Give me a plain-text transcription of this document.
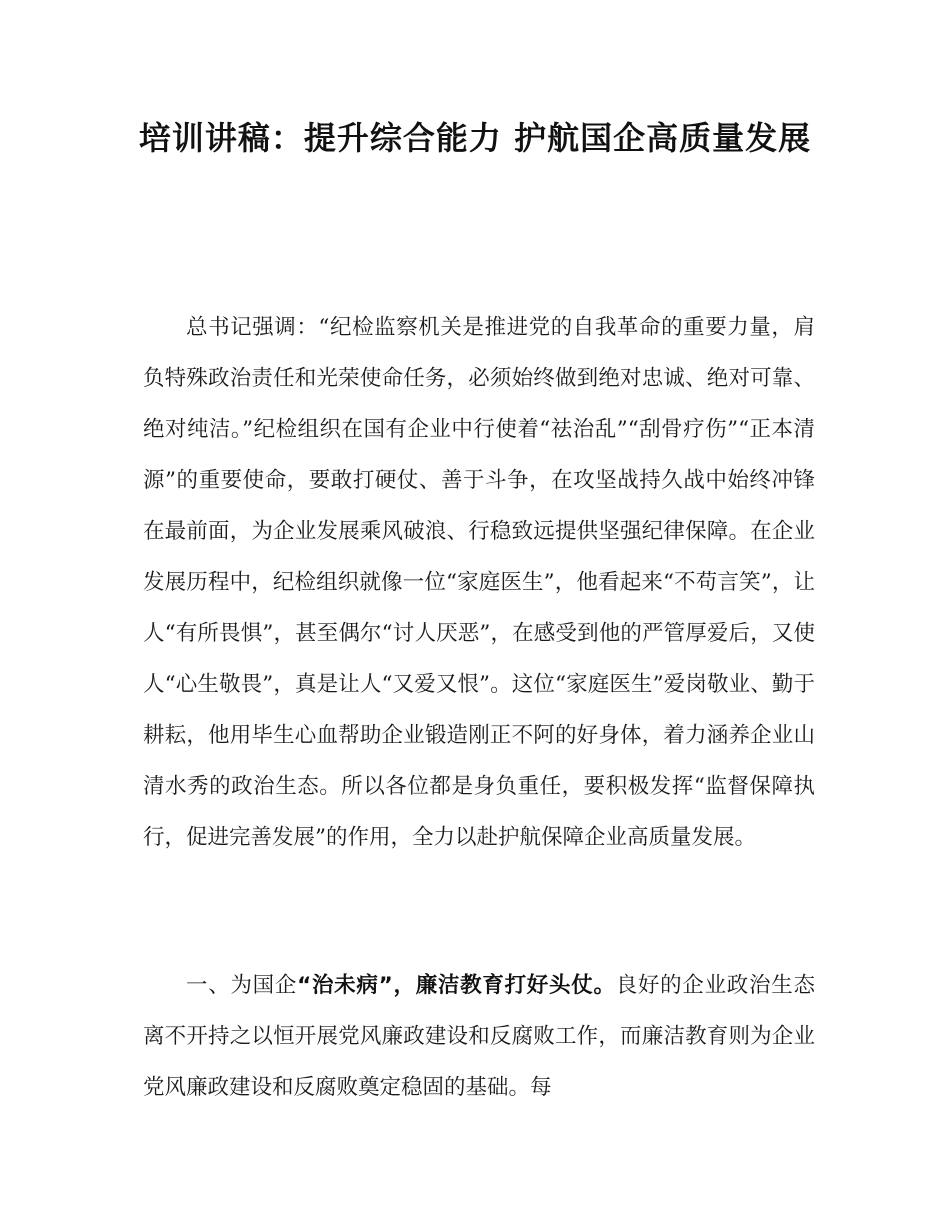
培训讲稿：提升综合能力 护航国企高质量发展

总书记强调：“纪检监察机关是推进党的自我革命的重要力量，肩负特殊政治责任和光荣使命任务，必须始终做到绝对忠诚、绝对可靠、绝对纯洁。”纪检组织在国有企业中行使着“祛治乱”“刮骨疗伤”“正本清源”的重要使命，要敢打硬仗、善于斗争，在攻坚战持久战中始终冲锋在最前面，为企业发展乘风破浪、行稳致远提供坚强纪律保障。在企业发展历程中，纪检组织就像一位“家庭医生”，他看起来“不苟言笑”，让人“有所畏惧”，甚至偶尔“讨人厌恶”，在感受到他的严管厚爱后，又使人“心生敬畏”，真是让人“又爱又恨”。这位“家庭医生”爱岗敬业、勤于耕耘，他用毕生心血帮助企业锻造刚正不阿的好身体，着力涵养企业山清水秀的政治生态。所以各位都是身负重任，要积极发挥“监督保障执行，促进完善发展”的作用，全力以赴护航保障企业高质量发展。

一、为国企“治未病”，廉洁教育打好头仗。良好的企业政治生态离不开持之以恒开展党风廉政建设和反腐败工作，而廉洁教育则为企业党风廉政建设和反腐败奠定稳固的基础。每
